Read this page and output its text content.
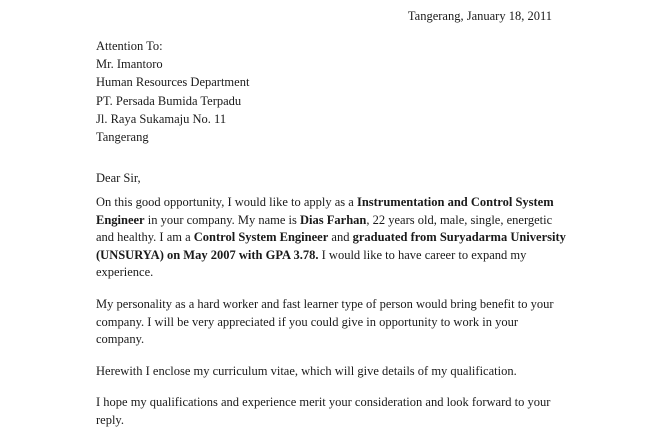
Tangerang, January 18, 2011
Attention To:
Mr. Imantoro
Human Resources Department
PT. Persada Bumida Terpadu
Jl. Raya Sukamaju No. 11
Tangerang
Dear Sir,

On this good opportunity, I would like to apply as a Instrumentation and Control System Engineer in your company. My name is Dias Farhan, 22 years old, male, single, energetic and healthy. I am a Control System Engineer and graduated from Suryadarma University (UNSURYA) on May 2007 with GPA 3.78. I would like to have career to expand my experience.

My personality as a hard worker and fast learner type of person would bring benefit to your company. I will be very appreciated if you could give in opportunity to work in your company.

Herewith I enclose my curriculum vitae, which will give details of my qualification.

I hope my qualifications and experience merit your consideration and look forward to your reply.
